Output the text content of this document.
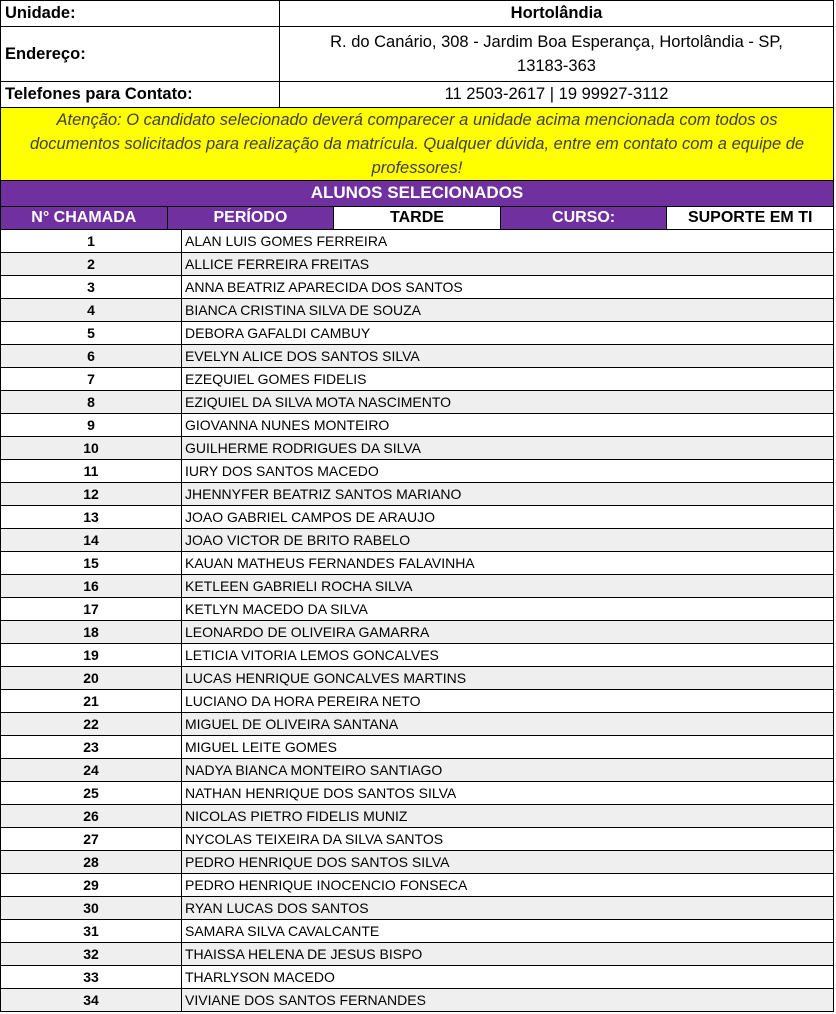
Unidade:	Hortolândia
Endereço:	R. do Canário, 308 - Jardim Boa Esperança, Hortolândia - SP,
13183-363

Telefones para Contato:	11 2503-2617 | 19 99927-3112
Atenção: O candidato selecionado deverá comparecer a unidade acima mencionada com todos os documentos solicitados para realização da matrícula. Qualquer dúvida, entre em contato com a equipe de professores!
ALUNOS SELECIONADOS
N° CHAMADA	PERÍODO	TARDE	CURSO:	SUPORTE EM TI
1	ALAN LUIS GOMES FERREIRA
2	ALLICE FERREIRA FREITAS
3	ANNA BEATRIZ APARECIDA DOS SANTOS
4	BIANCA CRISTINA SILVA DE SOUZA
5	DEBORA GAFALDI CAMBUY
6	EVELYN ALICE DOS SANTOS SILVA
7	EZEQUIEL GOMES FIDELIS
8	EZIQUIEL DA SILVA MOTA NASCIMENTO
9	GIOVANNA NUNES MONTEIRO
10	GUILHERME RODRIGUES DA SILVA
11	IURY DOS SANTOS MACEDO
12	JHENNYFER BEATRIZ SANTOS MARIANO
13	JOAO GABRIEL CAMPOS DE ARAUJO
14	JOAO VICTOR DE BRITO RABELO
15	KAUAN MATHEUS FERNANDES FALAVINHA
16	KETLEEN GABRIELI ROCHA SILVA
17	KETLYN MACEDO DA SILVA
18	LEONARDO DE OLIVEIRA GAMARRA
19	LETICIA VITORIA LEMOS GONCALVES
20	LUCAS HENRIQUE GONCALVES MARTINS
21	LUCIANO DA HORA PEREIRA NETO
22	MIGUEL DE OLIVEIRA SANTANA
23	MIGUEL LEITE GOMES
24	NADYA BIANCA MONTEIRO SANTIAGO
25	NATHAN HENRIQUE DOS SANTOS SILVA
26	NICOLAS PIETRO FIDELIS MUNIZ
27	NYCOLAS TEIXEIRA DA SILVA SANTOS
28	PEDRO HENRIQUE DOS SANTOS SILVA
29	PEDRO HENRIQUE INOCENCIO FONSECA
30	RYAN LUCAS DOS SANTOS
31	SAMARA SILVA CAVALCANTE
32	THAISSA HELENA DE JESUS BISPO
33	THARLYSON MACEDO
34	VIVIANE DOS SANTOS FERNANDES
